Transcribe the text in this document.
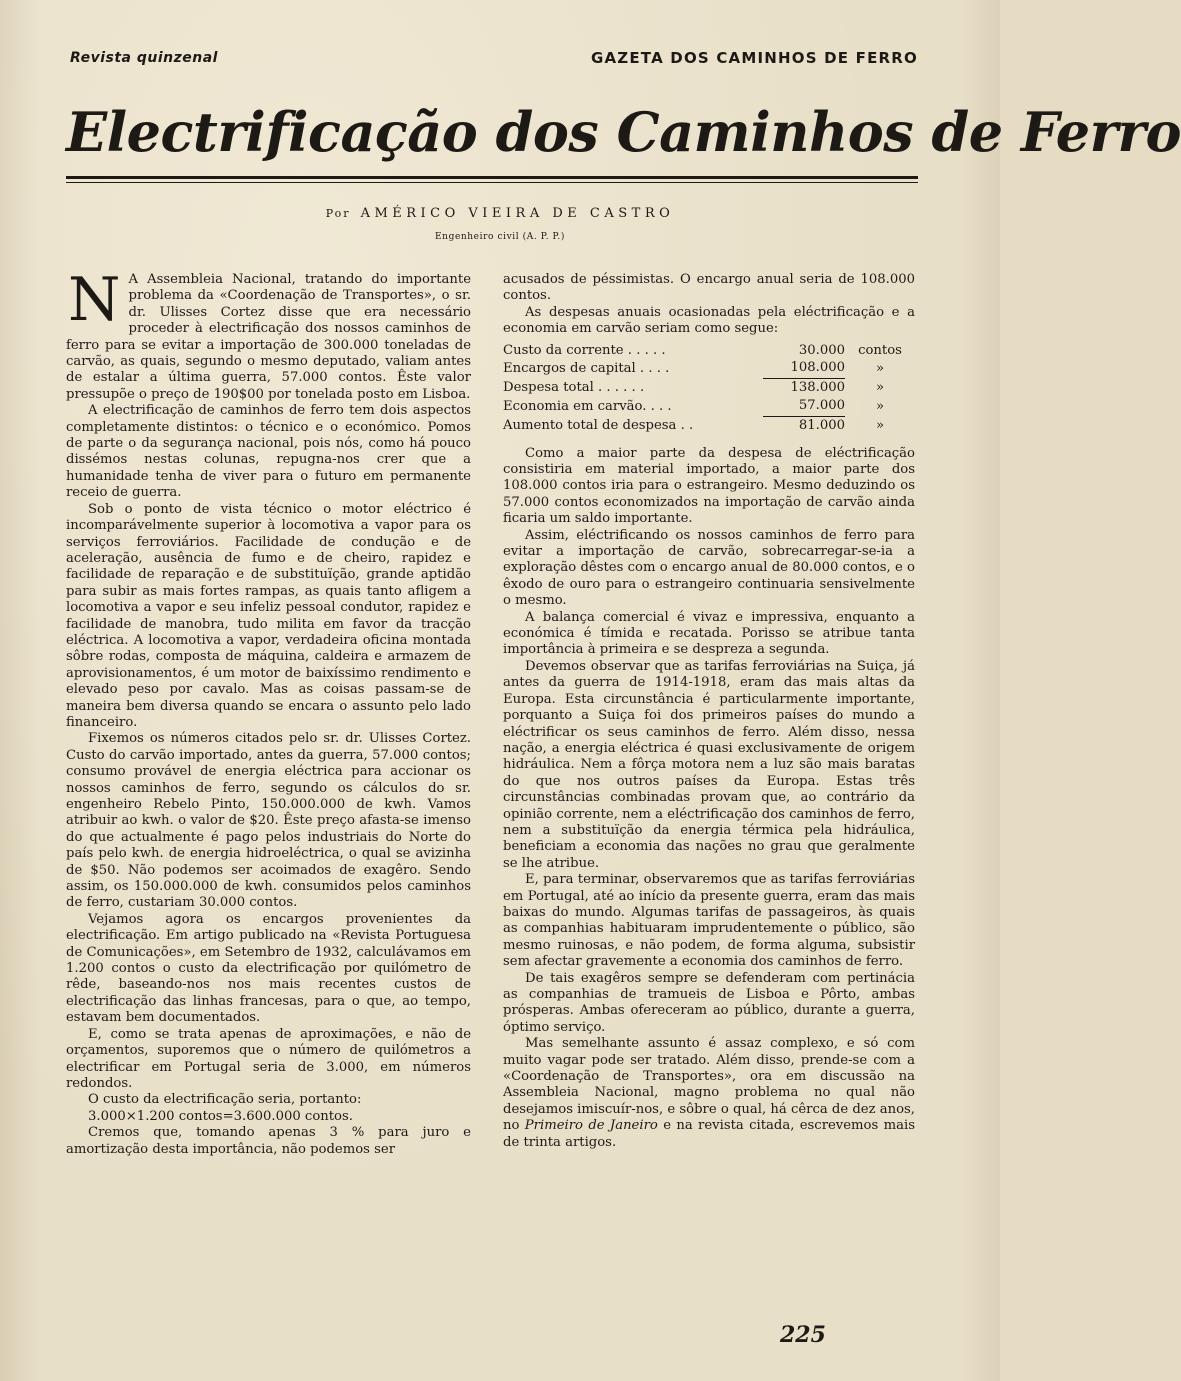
Revista quinzenal	GAZETA DOS CAMINHOS DE FERRO
Electrificação dos Caminhos de Ferro
Por AMÉRICO VIEIRA DE CASTRO
Engenheiro civil (A. P. P.)

N A Assembleia Nacional, tratando do importante problema da «Coordenação de Transportes», o sr. dr. Ulisses Cortez disse que era necessário proceder à electrificação dos nossos caminhos de ferro para se evitar a importação de 300.000 toneladas de carvão, as quais, segundo o mesmo deputado, valiam antes de estalar a última guerra, 57.000 contos. Êste valor pressupõe o preço de 190$00 por tonelada posto em Lisboa.

A electrificação de caminhos de ferro tem dois aspectos completamente distintos: o técnico e o económico. Pomos de parte o da segurança nacional, pois nós, como há pouco dissémos nestas colunas, repugna-nos crer que a humanidade tenha de viver para o futuro em permanente receio de guerra.

Sob o ponto de vista técnico o motor eléctrico é incomparávelmente superior à locomotiva a vapor para os serviços ferroviários. Facilidade de condução e de aceleração, ausência de fumo e de cheiro, rapidez e facilidade de reparação e de substituïção, grande aptidão para subir as mais fortes rampas, as quais tanto afligem a locomotiva a vapor e seu infeliz pessoal condutor, rapidez e facilidade de manobra, tudo milita em favor da tracção eléctrica. A locomotiva a vapor, verdadeira oficina montada sôbre rodas, composta de máquina, caldeira e armazem de aprovisionamentos, é um motor de baixíssimo rendimento e elevado peso por cavalo. Mas as coisas passam-se de maneira bem diversa quando se encara o assunto pelo lado financeiro.

Fixemos os números citados pelo sr. dr. Ulisses Cortez. Custo do carvão importado, antes da guerra, 57.000 contos; consumo provável de energia eléctrica para accionar os nossos caminhos de ferro, segundo os cálculos do sr. engenheiro Rebelo Pinto, 150.000.000 de kwh. Vamos atribuir ao kwh. o valor de $20. Êste preço afasta-se imenso do que actualmente é pago pelos industriais do Norte do país pelo kwh. de energia hidroeléctrica, o qual se avizinha de $50. Não podemos ser acoimados de exagêro. Sendo assim, os 150.000.000 de kwh. consumidos pelos caminhos de ferro, custariam 30.000 contos.

Vejamos agora os encargos provenientes da electrificação. Em artigo publicado na «Revista Portuguesa de Comunicações», em Setembro de 1932, calculávamos em 1.200 contos o custo da electrificação por quilómetro de rêde, baseando-nos nos mais recentes custos de electrificação das linhas francesas, para o que, ao tempo, estavam bem documentados.

E, como se trata apenas de aproximações, e não de orçamentos, suporemos que o número de quilómetros a electrificar em Portugal seria de 3.000, em números redondos.

O custo da electrificação seria, portanto:

3.000×1.200 contos=3.600.000 contos.

Cremos que, tomando apenas 3 % para juro e amortização desta importância, não podemos ser

acusados de péssimistas. O encargo anual seria de 108.000 contos.

As despesas anuais ocasionadas pela eléctrificação e a economia em carvão seriam como segue:

Custo da corrente . . . . .	30.000 contos
Encargos de capital . . . .	108.000	»
Despesa total . . . . . .	138.000	»
Economia em carvão. . . .	57.000	»
Aumento total de despesa . .	81.000	»

Como a maior parte da despesa de eléctrificação consistiria em material importado, a maior parte dos 108.000 contos iria para o estrangeiro. Mesmo deduzindo os 57.000 contos economizados na importação de carvão ainda ficaria um saldo importante.

Assim, eléctrificando os nossos caminhos de ferro para evitar a importação de carvão, sobrecarregar-se-ia a exploração dêstes com o encargo anual de 80.000 contos, e o êxodo de ouro para o estrangeiro continuaria sensivelmente o mesmo.

A balança comercial é vivaz e impressiva, enquanto a económica é tímida e recatada. Porisso se atribue tanta importância à primeira e se despreza a segunda.

Devemos observar que as tarifas ferroviárias na Suiça, já antes da guerra de 1914-1918, eram das mais altas da Europa. Esta circunstância é particularmente importante, porquanto a Suiça foi dos primeiros países do mundo a eléctrificar os seus caminhos de ferro. Além disso, nessa nação, a energia eléctrica é quasi exclusivamente de origem hidráulica. Nem a fôrça motora nem a luz são mais baratas do que nos outros países da Europa. Estas três circunstâncias combinadas provam que, ao contrário da opinião corrente, nem a eléctrificação dos caminhos de ferro, nem a substituïção da energia térmica pela hidráulica, beneficiam a economia das nações no grau que geralmente se lhe atribue.

E, para terminar, observaremos que as tarifas ferroviárias em Portugal, até ao início da presente guerra, eram das mais baixas do mundo. Algumas tarifas de passageiros, às quais as companhias habituaram imprudentemente o público, são mesmo ruinosas, e não podem, de forma alguma, subsistir sem afectar gravemente a economia dos caminhos de ferro.

De tais exagêros sempre se defenderam com pertinácia as companhias de tramueis de Lisboa e Pôrto, ambas prósperas. Ambas ofereceram ao público, durante a guerra, óptimo serviço.

Mas semelhante assunto é assaz complexo, e só com muito vagar pode ser tratado. Além disso, prende-se com a «Coordenação de Transportes», ora em discussão na Assembleia Nacional, magno problema no qual não desejamos imiscuír-nos, e sôbre o qual, há cêrca de dez anos, no Primeiro de Janeiro e na revista citada, escrevemos mais de trinta artigos.

225
